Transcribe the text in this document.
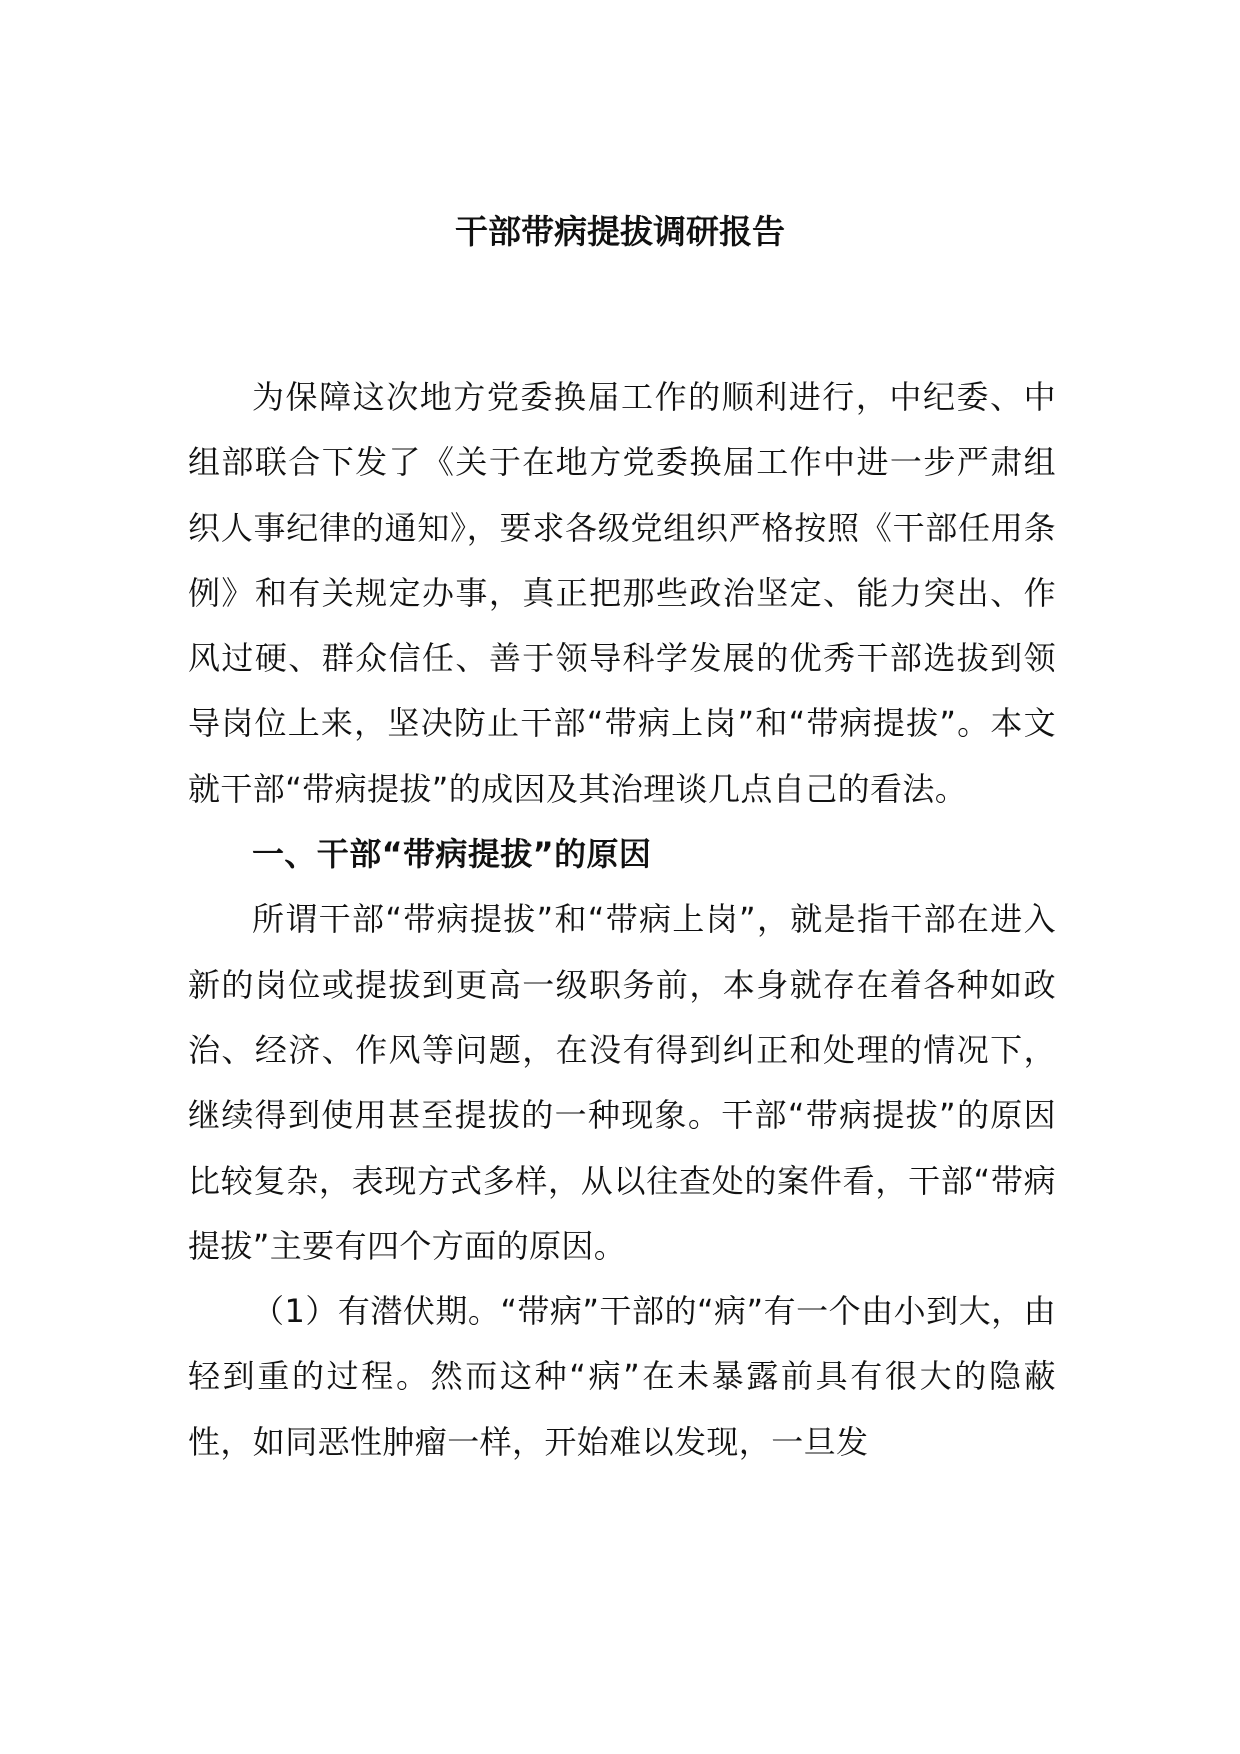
干部带病提拔调研报告

为保障这次地方党委换届工作的顺利进行，中纪委、中组部联合下发了《关于在地方党委换届工作中进一步严肃组织人事纪律的通知》，要求各级党组织严格按照《干部任用条例》和有关规定办事，真正把那些政治坚定、能力突出、作风过硬、群众信任、善于领导科学发展的优秀干部选拔到领导岗位上来，坚决防止干部“带病上岗”和“带病提拔”。本文就干部“带病提拔”的成因及其治理谈几点自己的看法。

一、干部“带病提拔”的原因

所谓干部“带病提拔”和“带病上岗”，就是指干部在进入新的岗位或提拔到更高一级职务前，本身就存在着各种如政治、经济、作风等问题，在没有得到纠正和处理的情况下，继续得到使用甚至提拔的一种现象。干部“带病提拔”的原因比较复杂，表现方式多样，从以往查处的案件看，干部“带病提拔”主要有四个方面的原因。

（1）有潜伏期。“带病”干部的“病”有一个由小到大，由轻到重的过程。然而这种“病”在未暴露前具有很大的隐蔽性，如同恶性肿瘤一样，开始难以发现，一旦发
